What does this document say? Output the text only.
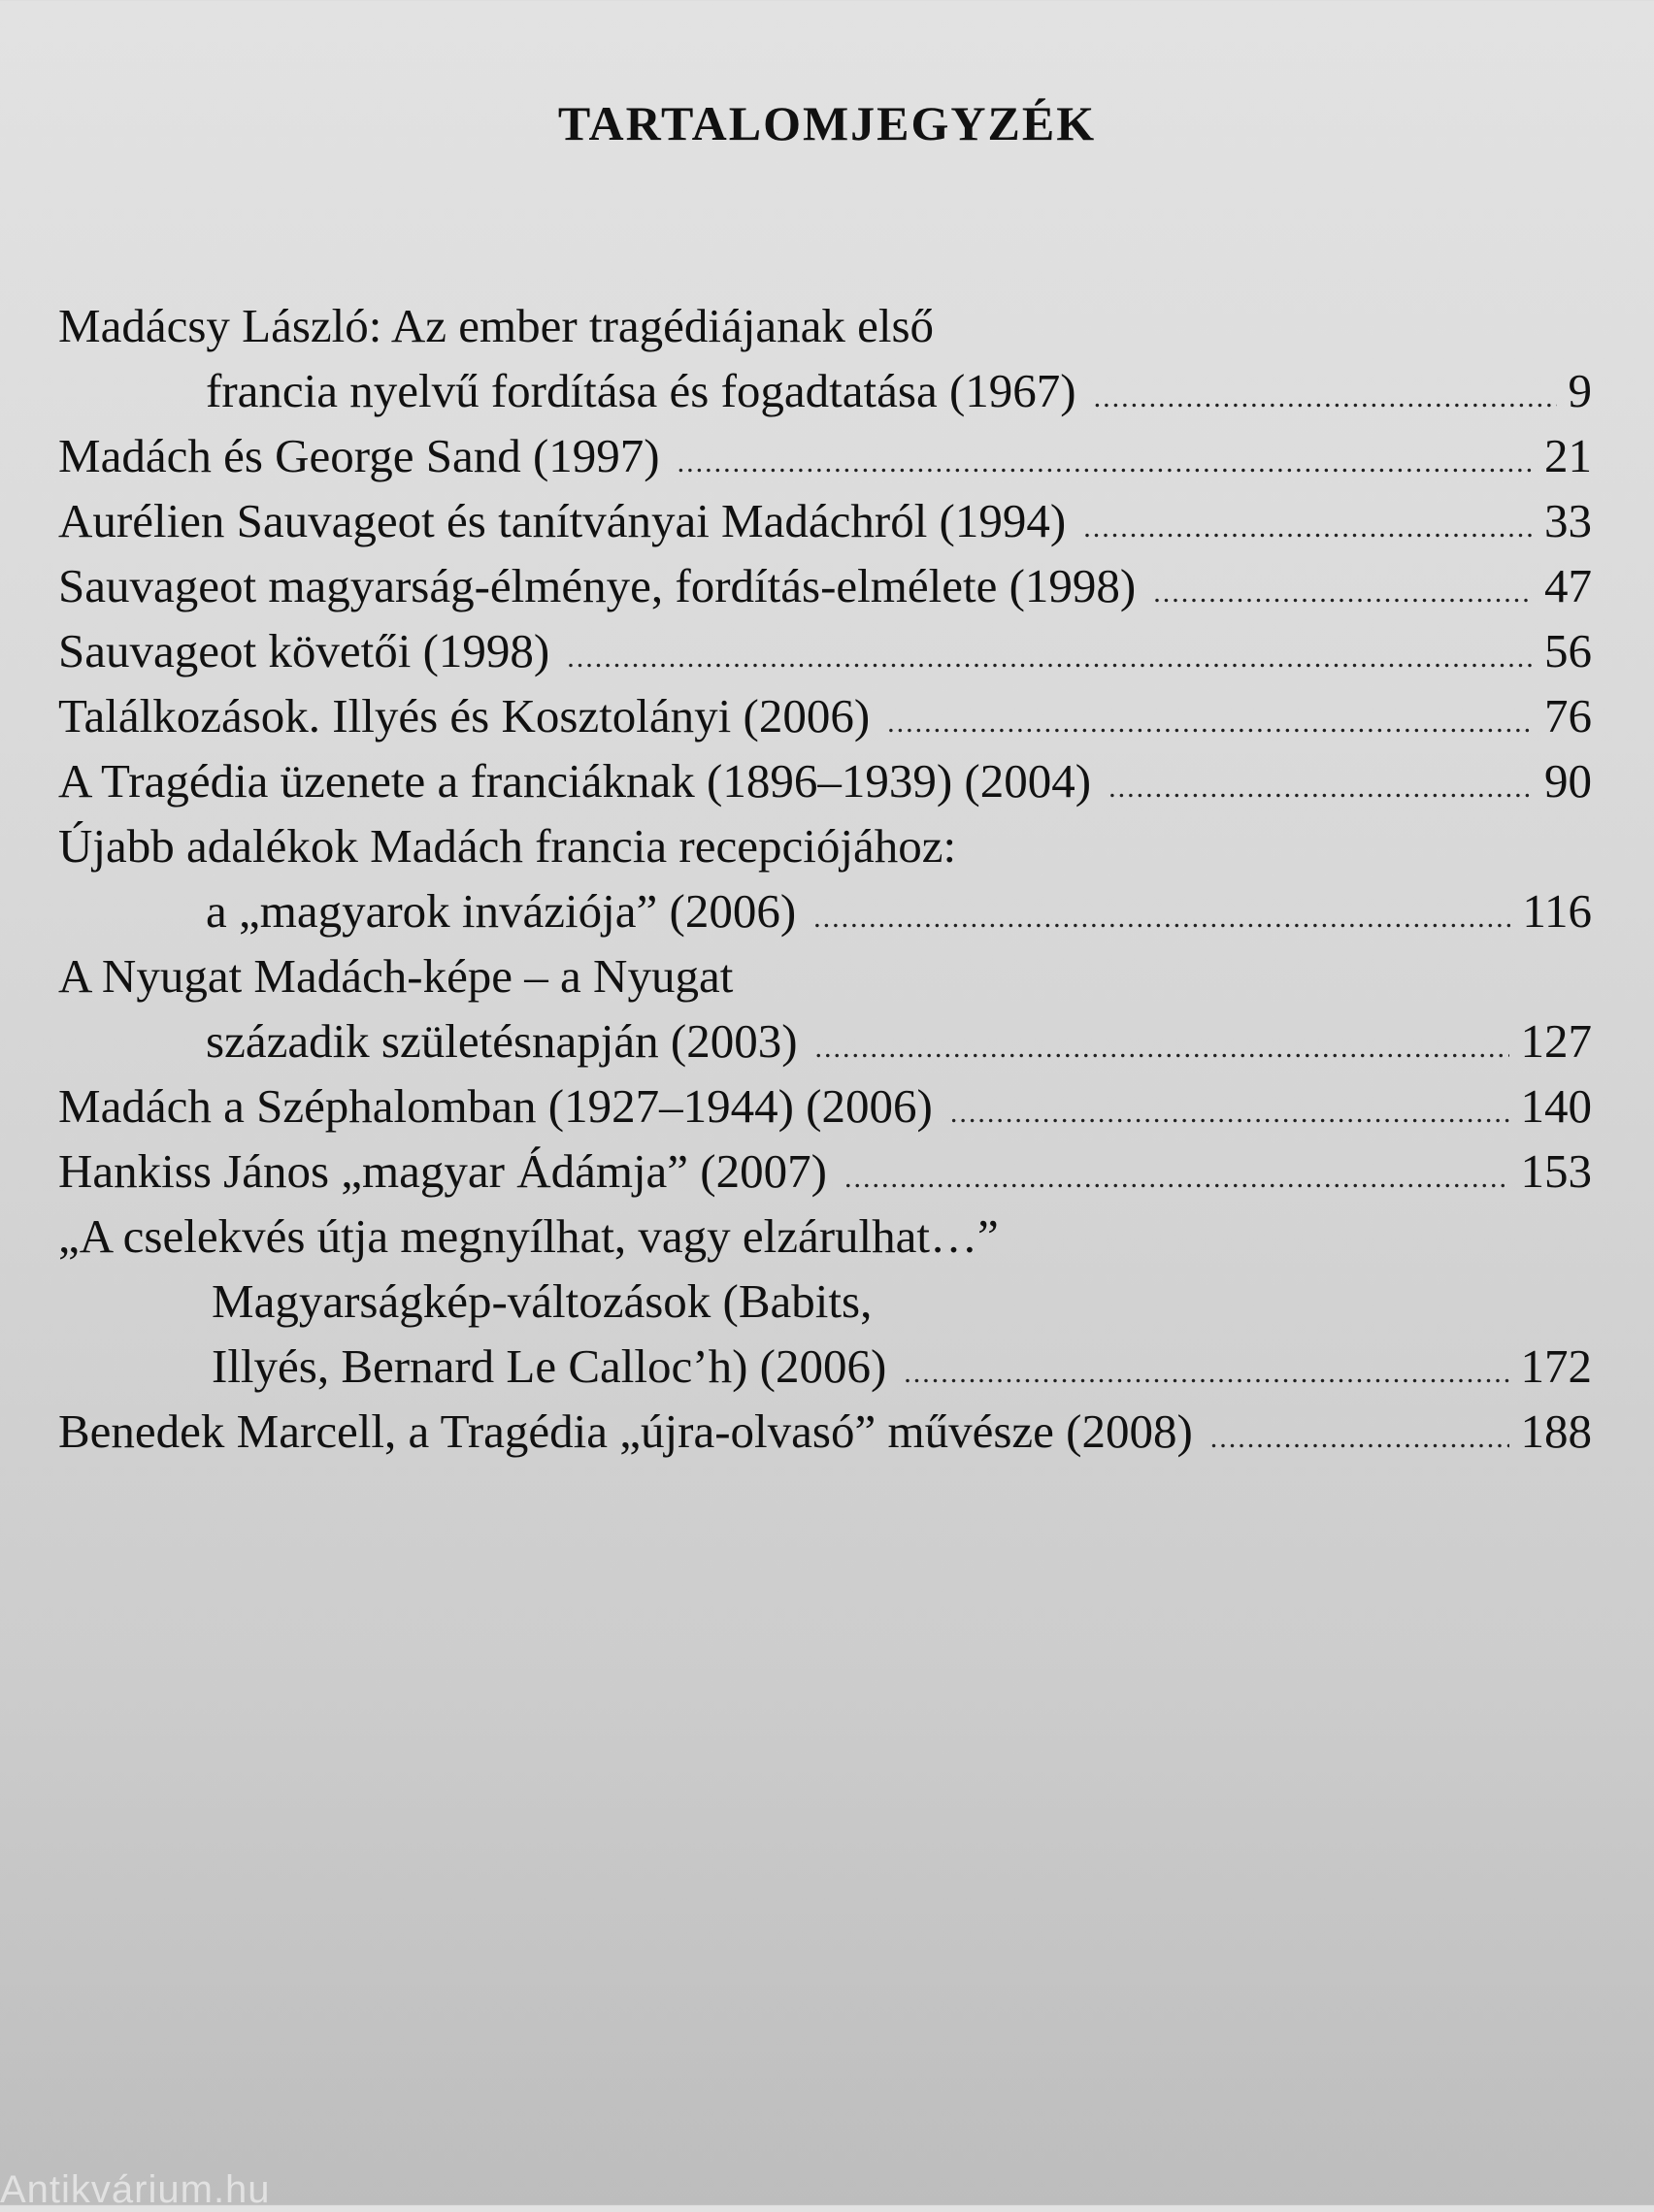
TARTALOMJEGYZÉK
Madácsy László: Az ember tragédiájanak első
francia nyelvű fordítása és fogadtatása (1967) .....	9
Madách és George Sand (1997) .....	21
Aurélien Sauvageot és tanítványai Madáchról (1994) .....	33
Sauvageot magyarság-élménye, fordítás-elmélete (1998) .....	47
Sauvageot követői (1998) .....	56
Találkozások. Illyés és Kosztolányi (2006) .....	76
A Tragédia üzenete a franciáknak (1896–1939) (2004) .....	90
Újabb adalékok Madách francia recepciójához:
a „magyarok inváziója” (2006) .....	116
A Nyugat Madách-képe – a Nyugat
századik születésnapján (2003) .....	127
Madách a Széphalomban (1927–1944) (2006) .....	140
Hankiss János „magyar Ádámja” (2007) .....	153
„A cselekvés útja megnyílhat, vagy elzárulhat…”
Magyarságkép-változások (Babits,
Illyés, Bernard Le Calloc’h) (2006) .....	172
Benedek Marcell, a Tragédia „újra-olvasó” művésze (2008) .....	188
Antikvárium.hu
